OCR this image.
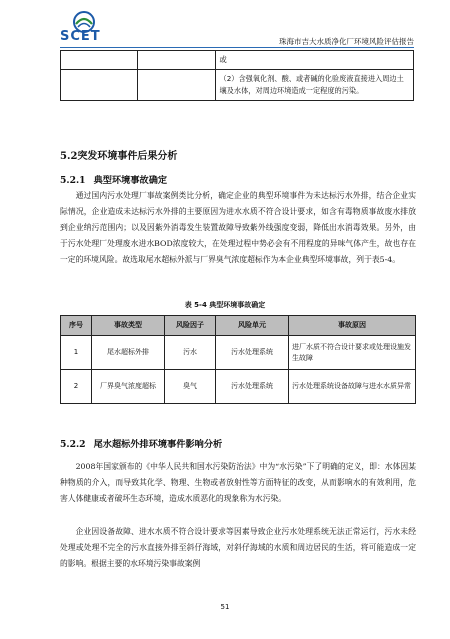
SCET	珠海市吉大水质净化厂环境风险评估报告
		或
		（2）含强氧化剂、酸、或者碱的化验废液直接进入周边土壤及水体，对周边环境造成一定程度的污染。
5.2突发环境事件后果分析
5.2.1 典型环境事故确定

通过国内污水处理厂事故案例类比分析，确定企业的典型环境事件为未达标污水外排，结合企业实际情况，企业造成未达标污水外排的主要原因为进水水质不符合设计要求，如含有毒物质事故废水排放到企业纳污范围内；以及因紫外消毒发生装置故障导致紫外线强度变弱，降低出水消毒效果。另外，由于污水处理厂处理废水进水BOD浓度较大，在处理过程中势必会有不用程度的异味气体产生，故也存在一定的环境风险。故选取尾水超标外派与厂界臭气浓度超标作为本企业典型环境事故，列于表5-4。

表 5-4 典型环境事故确定
序号	事故类型	风险因子	风险单元	事故原因
1	尾水超标外排	污水	污水处理系统	进厂水质不符合设计要求或处理设施发生故障
2	厂界臭气浓度超标	臭气	污水处理系统	污水处理系统设备故障与进水水质异常
5.2.2 尾水超标外排环境事件影响分析

2008年国家颁布的《中华人民共和国水污染防治法》中为“水污染”下了明确的定义，即：水体因某种物质的介入，而导致其化学、物理、生物或者放射性等方面特征的改变，从而影响水的有效利用，危害人体健康或者破坏生态环境，造成水质恶化的现象称为水污染。

企业因设备故障、进水水质不符合设计要求等因素导致企业污水处理系统无法正常运行，污水未经处理或处理不完全的污水直接外排至斜仔海域，对斜仔海域的水质和周边居民的生活，将可能造成一定的影响。根据主要的水环境污染事故案例

51
